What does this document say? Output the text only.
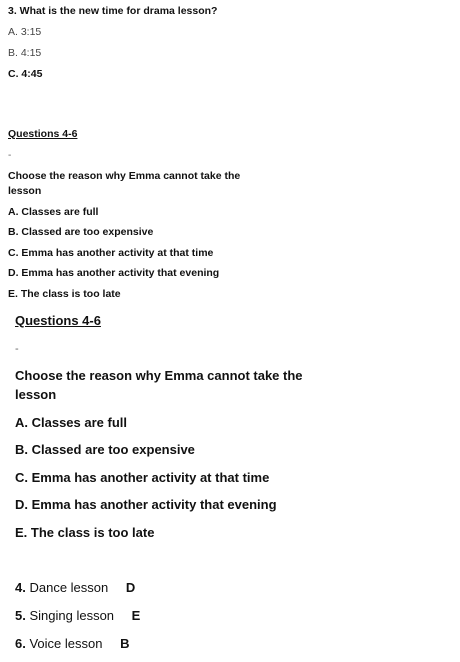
3. What is the new time for drama lesson?
A. 3:15
B. 4:15
C. 4:45
Questions 4-6
-
Choose the reason why Emma cannot take the
lesson
A. Classes are full
B. Classed are too expensive
C. Emma has another activity at that time
D. Emma has another activity that evening
E. The class is too late
Questions 4-6
-
Choose the reason why Emma cannot take the
lesson
A. Classes are full
B. Classed are too expensive
C. Emma has another activity at that time
D. Emma has another activity that evening
E. The class is too late
4. Dance lesson D
5. Singing lesson E
6. Voice lesson B
